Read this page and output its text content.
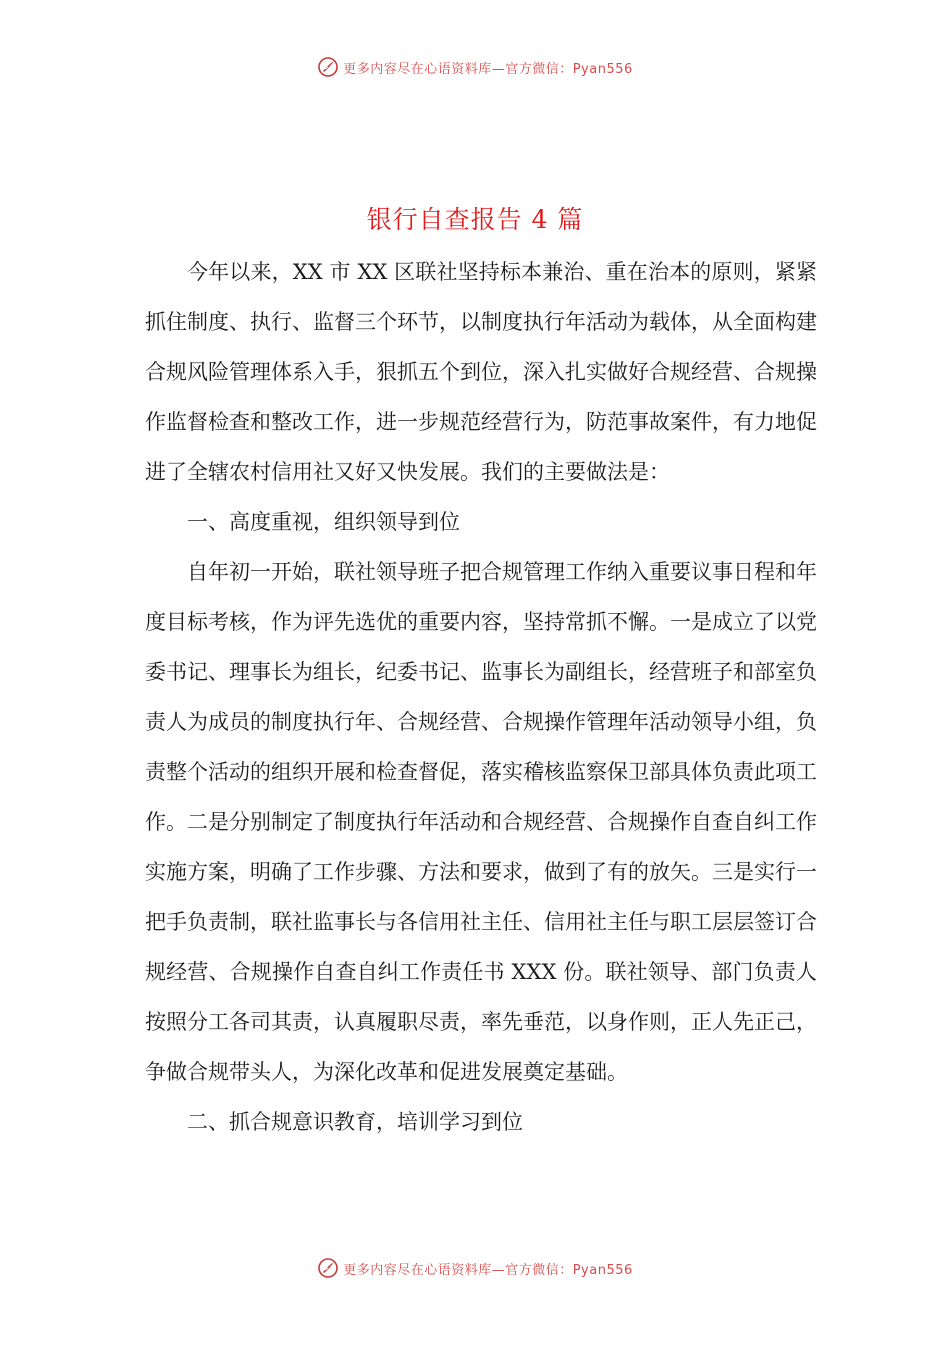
更多内容尽在心语资料库—官方微信：Pyan556
银行自查报告 4 篇

今年以来，XX 市 XX 区联社坚持标本兼治、重在治本的原则，紧紧抓住制度、执行、监督三个环节，以制度执行年活动为载体，从全面构建合规风险管理体系入手，狠抓五个到位，深入扎实做好合规经营、合规操作监督检查和整改工作，进一步规范经营行为，防范事故案件，有力地促进了全辖农村信用社又好又快发展。我们的主要做法是：

一、高度重视，组织领导到位

自年初一开始，联社领导班子把合规管理工作纳入重要议事日程和年度目标考核，作为评先选优的重要内容，坚持常抓不懈。一是成立了以党委书记、理事长为组长，纪委书记、监事长为副组长，经营班子和部室负责人为成员的制度执行年、合规经营、合规操作管理年活动领导小组，负责整个活动的组织开展和检查督促，落实稽核监察保卫部具体负责此项工作。二是分别制定了制度执行年活动和合规经营、合规操作自查自纠工作实施方案，明确了工作步骤、方法和要求，做到了有的放矢。三是实行一把手负责制，联社监事长与各信用社主任、信用社主任与职工层层签订合规经营、合规操作自查自纠工作责任书 XXX 份。联社领导、部门负责人按照分工各司其责，认真履职尽责，率先垂范，以身作则，正人先正己，争做合规带头人，为深化改革和促进发展奠定基础。

二、抓合规意识教育，培训学习到位

更多内容尽在心语资料库—官方微信：Pyan556
